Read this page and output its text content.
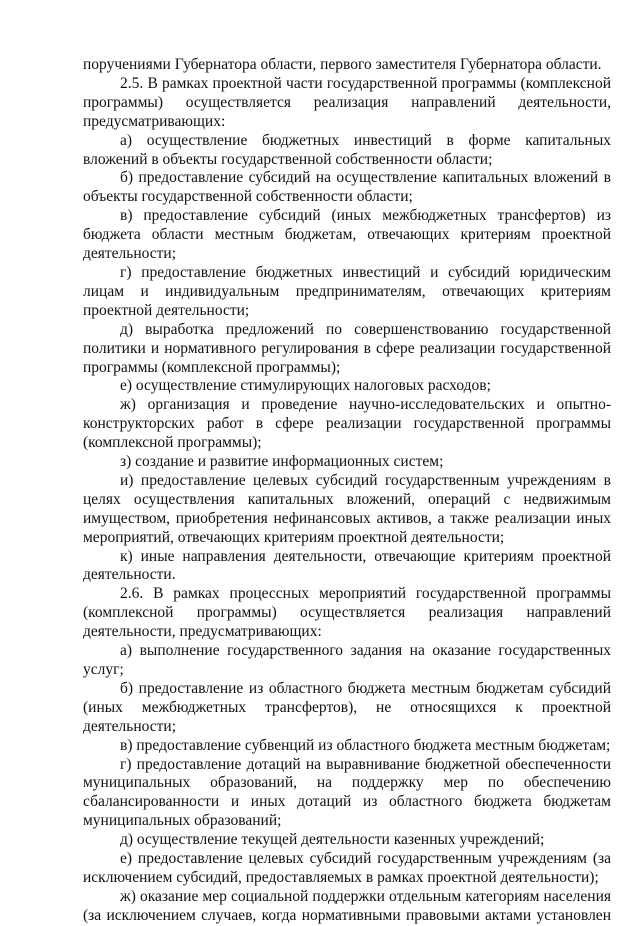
поручениями Губернатора области, первого заместителя Губернатора области.

2.5. В рамках проектной части государственной программы (комплексной программы) осуществляется реализация направлений деятельности, предусматривающих:

а) осуществление бюджетных инвестиций в форме капитальных вложений в объекты государственной собственности области;

б) предоставление субсидий на осуществление капитальных вложений в объекты государственной собственности области;

в) предоставление субсидий (иных межбюджетных трансфертов) из бюджета области местным бюджетам, отвечающих критериям проектной деятельности;

г) предоставление бюджетных инвестиций и субсидий юридическим лицам и индивидуальным предпринимателям, отвечающих критериям проектной деятельности;

д) выработка предложений по совершенствованию государственной политики и нормативного регулирования в сфере реализации государственной программы (комплексной программы);

е) осуществление стимулирующих налоговых расходов;

ж) организация и проведение научно-исследовательских и опытно-конструкторских работ в сфере реализации государственной программы (комплексной программы);

з) создание и развитие информационных систем;

и) предоставление целевых субсидий государственным учреждениям в целях осуществления капитальных вложений, операций с недвижимым имуществом, приобретения нефинансовых активов, а также реализации иных мероприятий, отвечающих критериям проектной деятельности;

к) иные направления деятельности, отвечающие критериям проектной деятельности.

2.6. В рамках процессных мероприятий государственной программы (комплексной программы) осуществляется реализация направлений деятельности, предусматривающих:

а) выполнение государственного задания на оказание государственных услуг;

б) предоставление из областного бюджета местным бюджетам субсидий (иных межбюджетных трансфертов), не относящихся к проектной деятельности;

в) предоставление субвенций из областного бюджета местным бюджетам;

г) предоставление дотаций на выравнивание бюджетной обеспеченности муниципальных образований, на поддержку мер по обеспечению сбалансированности и иных дотаций из областного бюджета бюджетам муниципальных образований;

д) осуществление текущей деятельности казенных учреждений;

е) предоставление целевых субсидий государственным учреждениям (за исключением субсидий, предоставляемых в рамках проектной деятельности);

ж) оказание мер социальной поддержки отдельным категориям населения (за исключением случаев, когда нормативными правовыми актами установлен
